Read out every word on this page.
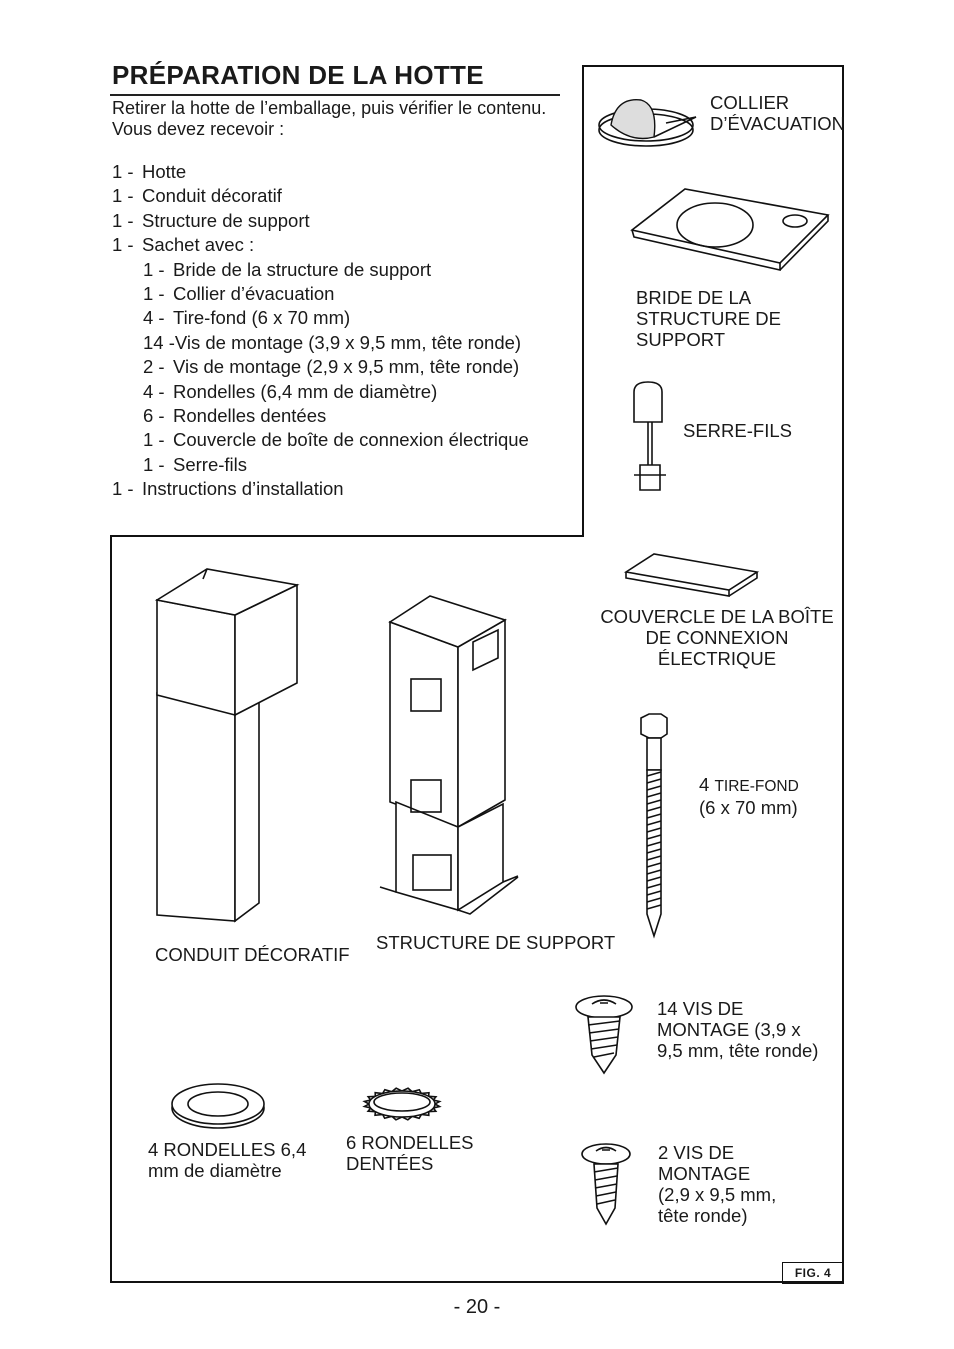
PRÉPARATION DE LA HOTTE
Retirer la hotte de l’emballage, puis vérifier le contenu.
Vous devez recevoir :
1 - Hotte
1 - Conduit décoratif
1 - Structure de support
1 - Sachet avec :
1 - Bride de la structure de support
1 - Collier d’évacuation
4 - Tire-fond (6 x 70 mm)
14 -Vis de montage (3,9 x 9,5 mm, tête ronde)
2 - Vis de montage (2,9 x 9,5 mm, tête ronde)
4 - Rondelles (6,4 mm de diamètre)
6 - Rondelles dentées
1 - Couvercle de boîte de connexion électrique
1 - Serre-fils
1 - Instructions d’installation
COLLIER D’ÉVACUATION
BRIDE DE LA STRUCTURE DE SUPPORT
SERRE-FILS
COUVERCLE DE LA BOÎTE DE CONNEXION ÉLECTRIQUE
4 TIRE-FOND
(6 x 70 mm)
CONDUIT DÉCORATIF
STRUCTURE DE SUPPORT
14 VIS DE MONTAGE (3,9 x 9,5 mm, tête ronde)
2 VIS DE MONTAGE (2,9 x 9,5 mm, tête ronde)
4 RONDELLES 6,4 mm de diamètre
6 RONDELLES DENTÉES
FIG. 4
- 20 -
